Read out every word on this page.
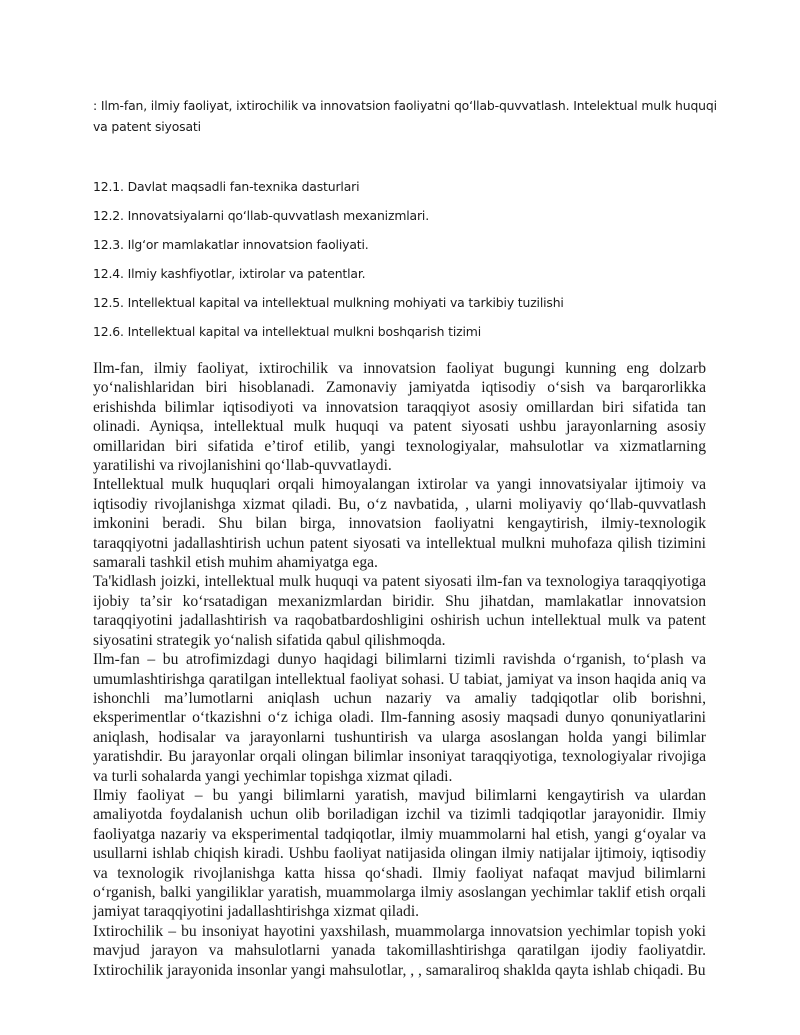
: Ilm-fan, ilmiy faoliyat, ixtirochilik va innovatsion faoliyatni qoʻllab-quvvatlash. Intelektual mulk huquqi va patent siyosati
12.1. Davlat maqsadli fan-texnika dasturlari
12.2. Innovatsiyalarni qoʻllab-quvvatlash mexanizmlari.
12.3. Ilgʻor mamlakatlar innovatsion faoliyati.
12.4. Ilmiy kashfiyotlar, ixtirolar va patentlar.
12.5. Intellektual kapital va intellektual mulkning mohiyati va tarkibiy tuzilishi
12.6. Intellektual kapital va intellektual mulkni boshqarish tizimi

Ilm-fan, ilmiy faoliyat, ixtirochilik va innovatsion faoliyat bugungi kunning eng dolzarb yoʻnalishlaridan biri hisoblanadi. Zamonaviy jamiyatda iqtisodiy oʻsish va barqarorlikka erishishda bilimlar iqtisodiyoti va innovatsion taraqqiyot asosiy omillardan biri sifatida tan olinadi. Ayniqsa, intellektual mulk huquqi va patent siyosati ushbu jarayonlarning asosiy omillaridan biri sifatida eʼtirof etilib, yangi texnologiyalar, mahsulotlar va xizmatlarning yaratilishi va rivojlanishini qoʻllab-quvvatlaydi.

Intellektual mulk huquqlari orqali himoyalangan ixtirolar va yangi innovatsiyalar ijtimoiy va iqtisodiy rivojlanishga xizmat qiladi. Bu, oʻz navbatida, , ularni moliyaviy qoʻllab-quvvatlash imkonini beradi. Shu bilan birga, innovatsion faoliyatni kengaytirish, ilmiy-texnologik taraqqiyotni jadallashtirish uchun patent siyosati va intellektual mulkni muhofaza qilish tizimini samarali tashkil etish muhim ahamiyatga ega.

Ta'kidlash joizki, intellektual mulk huquqi va patent siyosati ilm-fan va texnologiya taraqqiyotiga ijobiy taʼsir koʻrsatadigan mexanizmlardan biridir. Shu jihatdan, mamlakatlar innovatsion taraqqiyotini jadallashtirish va raqobatbardoshligini oshirish uchun intellektual mulk va patent siyosatini strategik yoʻnalish sifatida qabul qilishmoqda.

Ilm-fan – bu atrofimizdagi dunyo haqidagi bilimlarni tizimli ravishda oʻrganish, toʻplash va umumlashtirishga qaratilgan intellektual faoliyat sohasi. U tabiat, jamiyat va inson haqida aniq va ishonchli maʼlumotlarni aniqlash uchun nazariy va amaliy tadqiqotlar olib borishni, eksperimentlar oʻtkazishni oʻz ichiga oladi. Ilm-fanning asosiy maqsadi dunyo qonuniyatlarini aniqlash, hodisalar va jarayonlarni tushuntirish va ularga asoslangan holda yangi bilimlar yaratishdir. Bu jarayonlar orqali olingan bilimlar insoniyat taraqqiyotiga, texnologiyalar rivojiga va turli sohalarda yangi yechimlar topishga xizmat qiladi.

Ilmiy faoliyat – bu yangi bilimlarni yaratish, mavjud bilimlarni kengaytirish va ulardan amaliyotda foydalanish uchun olib boriladigan izchil va tizimli tadqiqotlar jarayonidir. Ilmiy faoliyatga nazariy va eksperimental tadqiqotlar, ilmiy muammolarni hal etish, yangi gʻoyalar va usullarni ishlab chiqish kiradi. Ushbu faoliyat natijasida olingan ilmiy natijalar ijtimoiy, iqtisodiy va texnologik rivojlanishga katta hissa qoʻshadi. Ilmiy faoliyat nafaqat mavjud bilimlarni oʻrganish, balki yangiliklar yaratish, muammolarga ilmiy asoslangan yechimlar taklif etish orqali jamiyat taraqqiyotini jadallashtirishga xizmat qiladi.

Ixtirochilik – bu insoniyat hayotini yaxshilash, muammolarga innovatsion yechimlar topish yoki mavjud jarayon va mahsulotlarni yanada takomillashtirishga qaratilgan ijodiy faoliyatdir. Ixtirochilik jarayonida insonlar yangi mahsulotlar, , , samaraliroq shaklda qayta ishlab chiqadi. Bu
